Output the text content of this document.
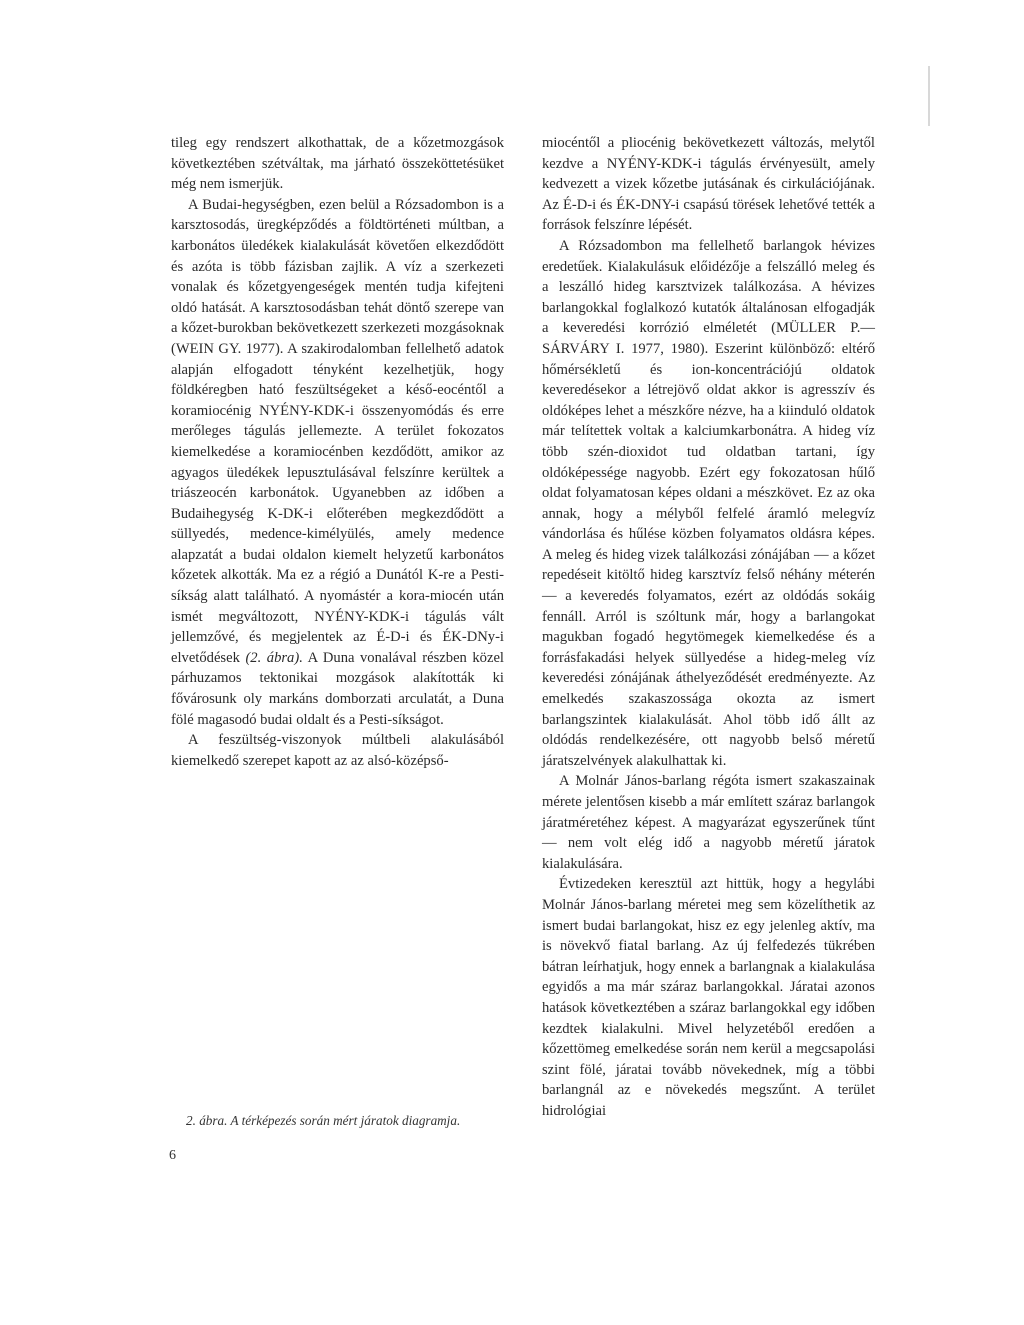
tileg egy rendszert alkothattak, de a kőzetmozgások következtében szétváltak, ma járható összeköttetésüket még nem ismerjük.

A Budai-hegységben, ezen belül a Rózsadombon is a karsztosodás, üregképződés a földtörténeti múltban, a karbonátos üledékek kialakulását követően elkezdődött és azóta is több fázisban zajlik. A víz a szerkezeti vonalak és kőzetgyengeségek mentén tudja kifejteni oldó hatását. A karsztosodásban tehát döntő szerepe van a kőzet-burokban bekövetkezett szerkezeti mozgásoknak (WEIN GY. 1977). A szakirodalomban fellelhető adatok alapján elfogadott tényként kezelhetjük, hogy földkéregben ható feszültségeket a késő-eocéntől a koramiocénig NYÉNY-KDK-i összenyomódás és erre merőleges tágulás jellemezte. A terület fokozatos kiemelkedése a koramiocénben kezdődött, amikor az agyagos üledékek lepusztulásával felszínre kerültek a triászeocén karbonátok. Ugyanebben az időben a Budaihegység K-DK-i előterében megkezdődött a süllyedés, medence-kimélyülés, amely medence alapzatát a budai oldalon kiemelt helyzetű karbonátos kőzetek alkották. Ma ez a régió a Dunától K-re a Pesti-síkság alatt található. A nyomástér a kora-miocén után ismét megváltozott, NYÉNY-KDK-i tágulás vált jellemzővé, és megjelentek az É-D-i és ÉK-DNy-i elvetődések (2. ábra). A Duna vonalával részben közel párhuzamos tektonikai mozgások alakították ki fővárosunk oly markáns domborzati arculatát, a Duna fölé magasodó budai oldalt és a Pesti-síkságot.

A feszültség-viszonyok múltbeli alakulásából kiemelkedő szerepet kapott az az alsó-középső-

2. ábra. A térképezés során mért járatok diagramja.

miocéntől a pliocénig bekövetkezett változás, melytől kezdve a NYÉNY-KDK-i tágulás érvényesült, amely kedvezett a vizek kőzetbe jutásának és cirkulációjának. Az É-D-i és ÉK-DNY-i csapású törések lehetővé tették a források felszínre lépését.

A Rózsadombon ma fellelhető barlangok hévizes eredetűek. Kialakulásuk előidézője a felszálló meleg és a leszálló hideg karsztvizek találkozása. A hévizes barlangokkal foglalkozó kutatók általánosan elfogadják a keveredési korrózió elméletét (MÜLLER P.—SÁRVÁRY I. 1977, 1980). Eszerint különböző: eltérő hőmérsékletű és ion-koncentrációjú oldatok keveredésekor a létrejövő oldat akkor is agresszív és oldóképes lehet a mészkőre nézve, ha a kiinduló oldatok már telítettek voltak a kalciumkarbonátra. A hideg víz több szén-dioxidot tud oldatban tartani, így oldóképessége nagyobb. Ezért egy fokozatosan hűlő oldat folyamatosan képes oldani a mészkövet. Ez az oka annak, hogy a mélyből felfelé áramló melegvíz vándorlása és hűlése közben folyamatos oldásra képes. A meleg és hideg vizek találkozási zónájában — a kőzet repedéseit kitöltő hideg karsztvíz felső néhány méterén — a keveredés folyamatos, ezért az oldódás sokáig fennáll. Arról is szóltunk már, hogy a barlangokat magukban fogadó hegytömegek kiemelkedése és a forrásfakadási helyek süllyedése a hideg-meleg víz keveredési zónájának áthelyeződését eredményezte. Az emelkedés szakaszossága okozta az ismert barlangszintek kialakulását. Ahol több idő állt az oldódás rendelkezésére, ott nagyobb belső méretű járatszelvények alakulhattak ki.

A Molnár János-barlang régóta ismert szakaszainak mérete jelentősen kisebb a már említett száraz barlangok járatméretéhez képest. A magyarázat egyszerűnek tűnt — nem volt elég idő a nagyobb méretű járatok kialakulására.

Évtizedeken keresztül azt hittük, hogy a hegylábi Molnár János-barlang méretei meg sem közelíthetik az ismert budai barlangokat, hisz ez egy jelenleg aktív, ma is növekvő fiatal barlang. Az új felfedezés tükrében bátran leírhatjuk, hogy ennek a barlangnak a kialakulása egyidős a ma már száraz barlangokkal. Járatai azonos hatások következtében a száraz barlangokkal egy időben kezdtek kialakulni. Mivel helyzetéből eredően a kőzettömeg emelkedése során nem kerül a megcsapolási szint fölé, járatai tovább növekednek, míg a többi barlangnál az e növekedés megszűnt. A terület hidrológiai

6
